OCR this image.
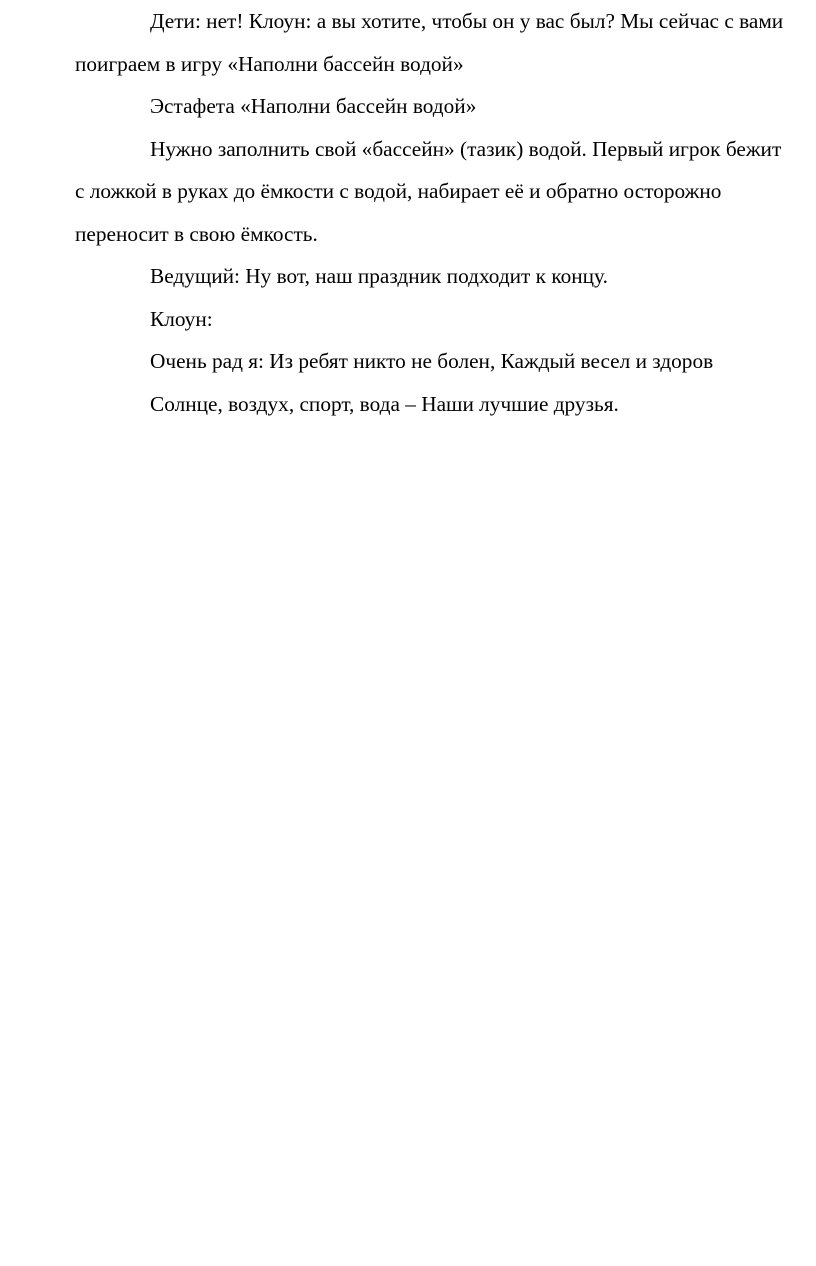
Дети: нет! Клоун: а вы хотите, чтобы он у вас был? Мы сейчас с вами
поиграем в игру «Наполни бассейн водой»
Эстафета «Наполни бассейн водой»
Нужно заполнить свой «бассейн» (тазик) водой. Первый игрок бежит
с ложкой в руках до ёмкости с водой, набирает её и обратно осторожно
переносит в свою ёмкость.
Ведущий: Ну вот, наш праздник подходит к концу.
Клоун:
Очень рад я: Из ребят никто не болен, Каждый весел и здоров
Солнце, воздух, спорт, вода – Наши лучшие друзья.
